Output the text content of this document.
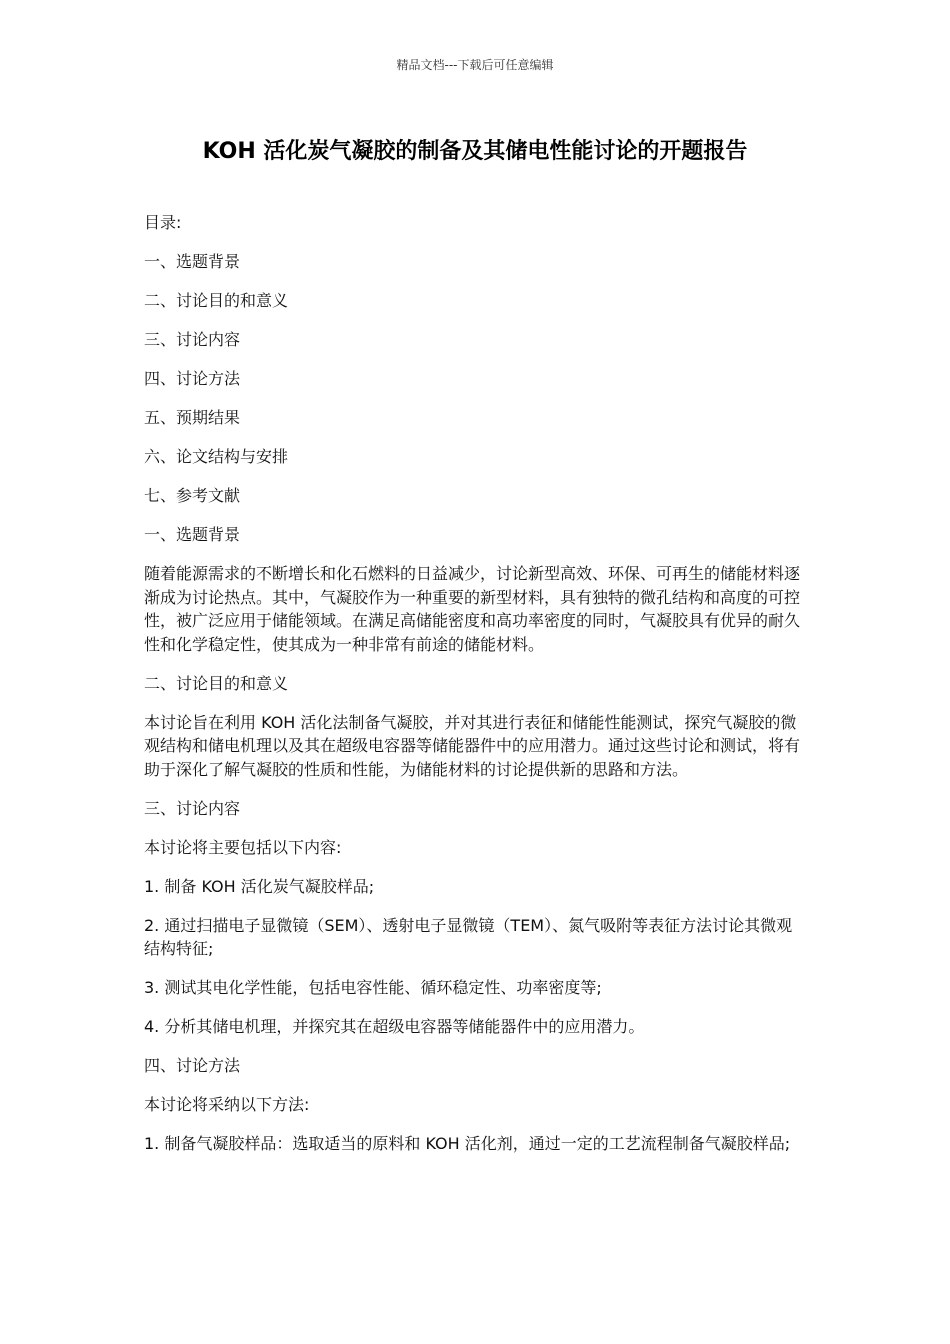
精品文档---下载后可任意编辑
KOH 活化炭气凝胶的制备及其储电性能讨论的开题报告

目录:

一、选题背景

二、讨论目的和意义

三、讨论内容

四、讨论方法

五、预期结果

六、论文结构与安排

七、参考文献

一、选题背景

随着能源需求的不断增长和化石燃料的日益减少，讨论新型高效、环保、可再生的储能材料逐渐成为讨论热点。其中，气凝胶作为一种重要的新型材料，具有独特的微孔结构和高度的可控性，被广泛应用于储能领域。在满足高储能密度和高功率密度的同时，气凝胶具有优异的耐久性和化学稳定性，使其成为一种非常有前途的储能材料。

二、讨论目的和意义

本讨论旨在利用 KOH 活化法制备气凝胶，并对其进行表征和储能性能测试，探究气凝胶的微观结构和储电机理以及其在超级电容器等储能器件中的应用潜力。通过这些讨论和测试，将有助于深化了解气凝胶的性质和性能，为储能材料的讨论提供新的思路和方法。

三、讨论内容

本讨论将主要包括以下内容:

1. 制备 KOH 活化炭气凝胶样品;

2. 通过扫描电子显微镜（SEM）、透射电子显微镜（TEM）、氮气吸附等表征方法讨论其微观结构特征;

3. 测试其电化学性能，包括电容性能、循环稳定性、功率密度等;

4. 分析其储电机理，并探究其在超级电容器等储能器件中的应用潜力。

四、讨论方法

本讨论将采纳以下方法:

1. 制备气凝胶样品：选取适当的原料和 KOH 活化剂，通过一定的工艺流程制备气凝胶样品;
